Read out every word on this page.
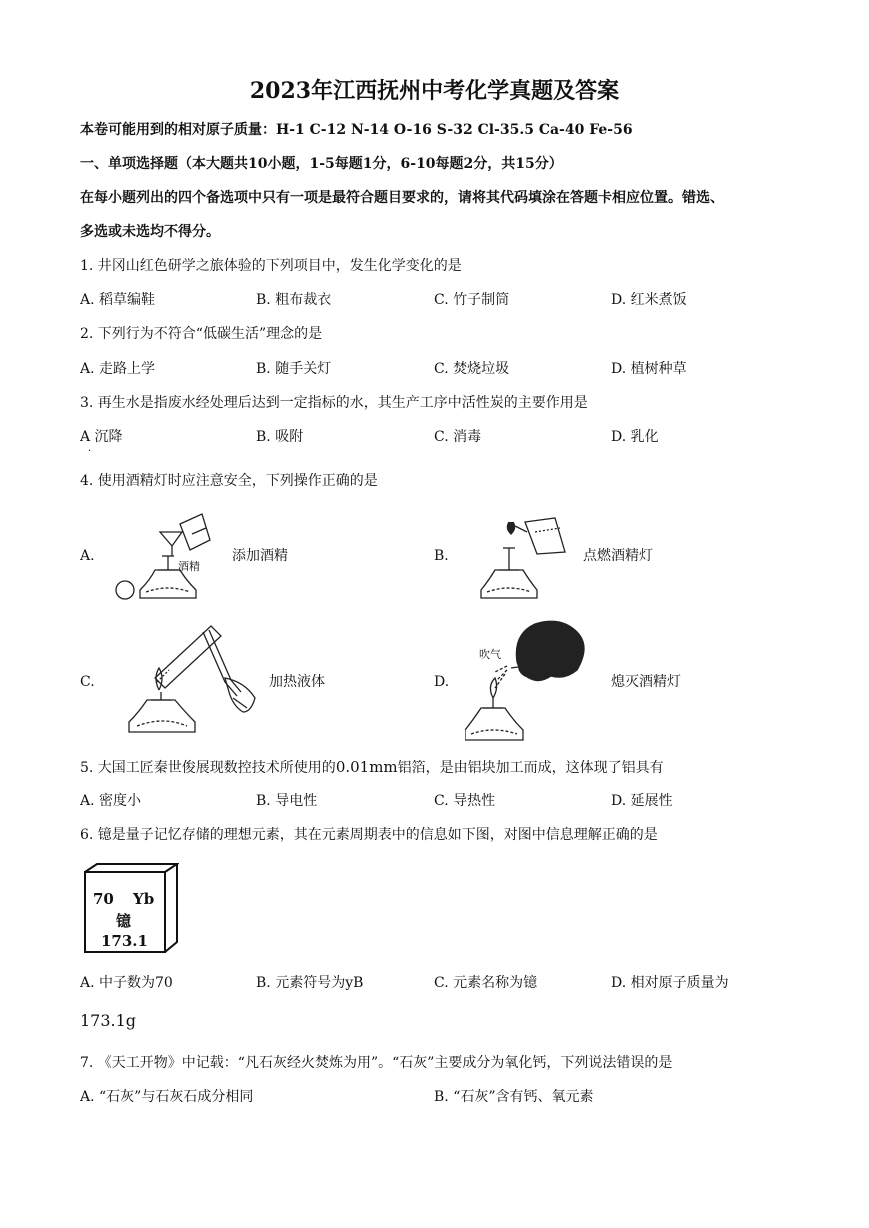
2023年江西抚州中考化学真题及答案
本卷可能用到的相对原子质量：H-1 C-12 N-14 O-16 S-32 Cl-35.5 Ca-40 Fe-56
一、单项选择题（本大题共10小题，1-5每题1分，6-10每题2分，共15分）
在每小题列出的四个备选项中只有一项是最符合题目要求的，请将其代码填涂在答题卡相应位置。错选、
多选或未选均不得分。
1. 井冈山红色研学之旅体验的下列项目中，发生化学变化的是
A. 稻草编鞋	B. 粗布裁衣	C. 竹子制筒	D. 红米煮饭
2. 下列行为不符合“低碳生活”理念的是
A. 走路上学	B. 随手关灯	C. 焚烧垃圾	D. 植树种草
3. 再生水是指废水经处理后达到一定指标的水，其生产工序中活性炭的主要作用是
A 沉降	B. 吸附	C. 消毒	D. 乳化
·
4. 使用酒精灯时应注意安全，下列操作正确的是
A.
酒精
添加酒精	B.	点燃酒精灯
C.	加热液体	D.
吹气
熄灭酒精灯
5. 大国工匠秦世俊展现数控技术所使用的0.01mm铝箔，是由铝块加工而成，这体现了铝具有
A. 密度小	B. 导电性	C. 导热性	D. 延展性
6. 镱是量子记忆存储的理想元素，其在元素周期表中的信息如下图，对图中信息理解正确的是
70 Yb
镱
173.1
A. 中子数为70	B. 元素符号为yB	C. 元素名称为镱	D. 相对原子质量为
173.1g
7. 《天工开物》中记载：“凡石灰经火焚炼为用”。“石灰”主要成分为氧化钙，下列说法错误的是
A. “石灰”与石灰石成分相同	B. “石灰”含有钙、氧元素
